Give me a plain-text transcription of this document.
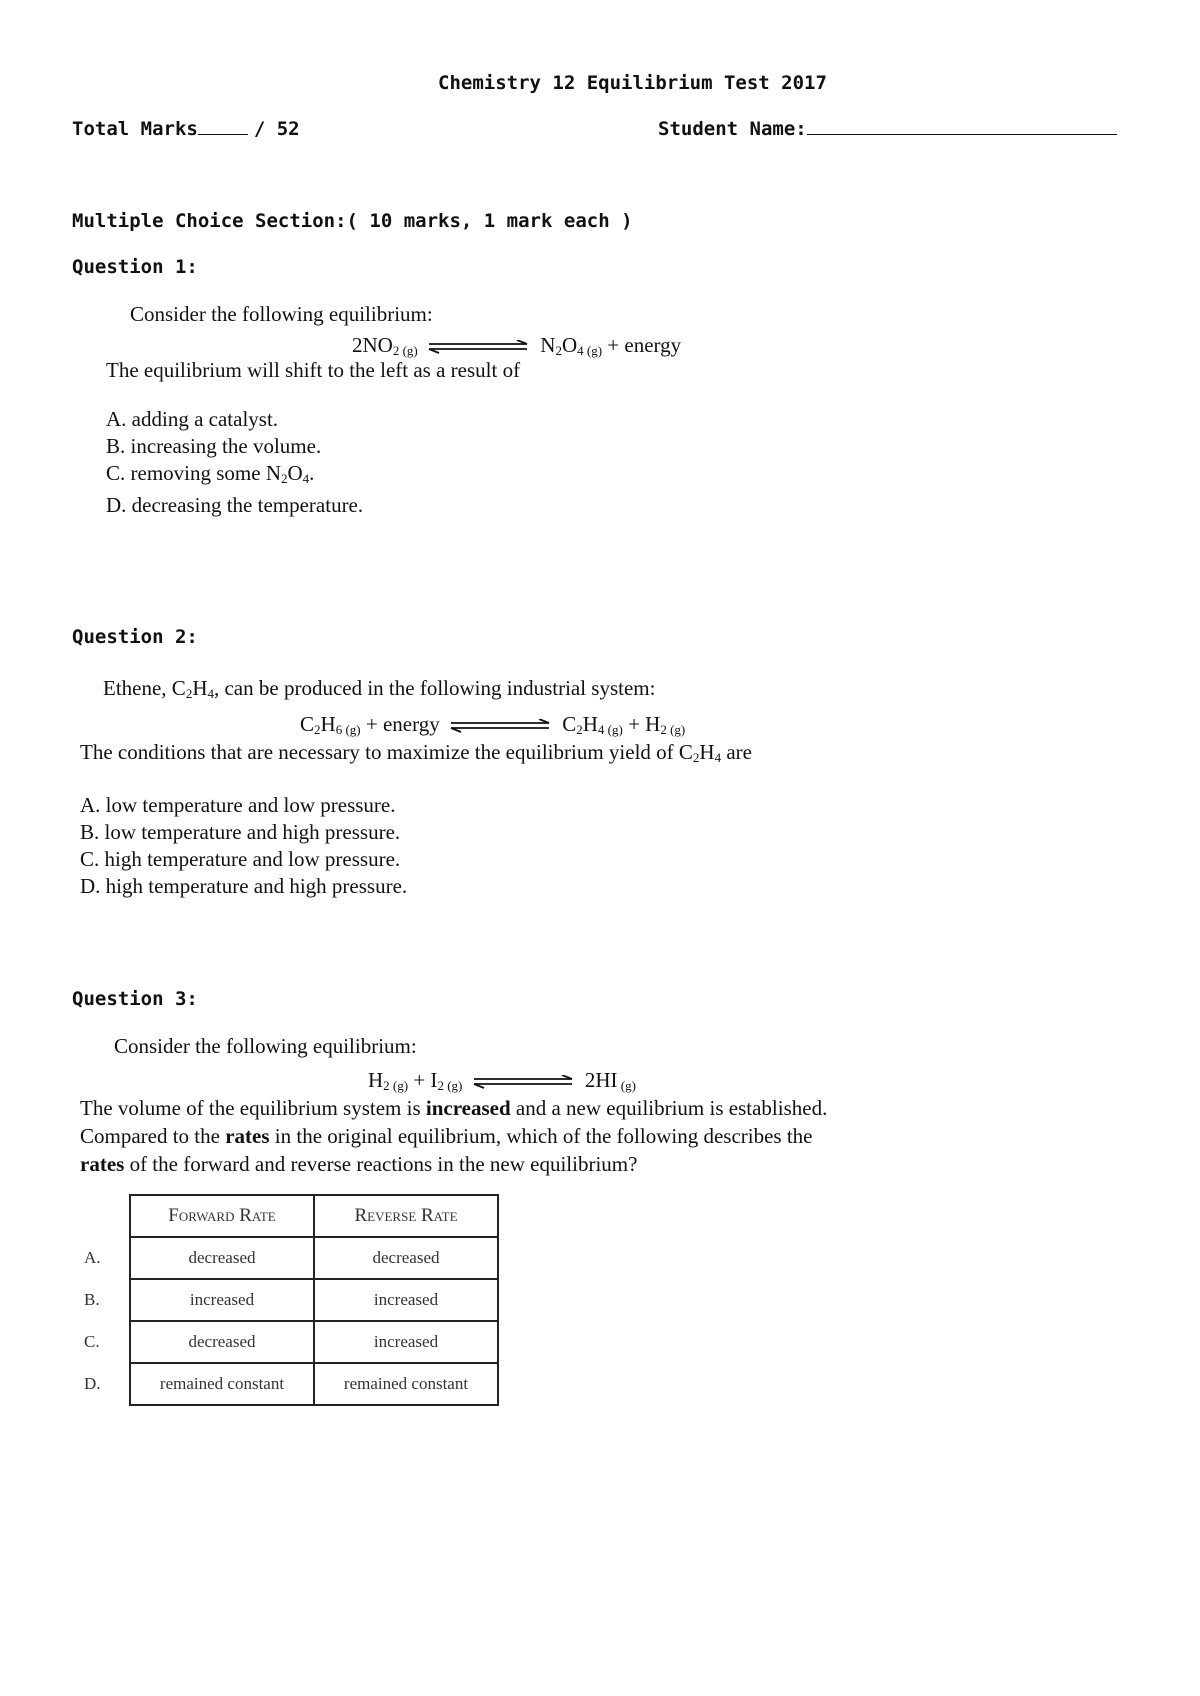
Chemistry 12 Equilibrium Test 2017
Total Marks	/ 52	Student Name:
Multiple Choice Section:( 10 marks, 1 mark each )
Question 1:
Consider the following equilibrium:
$2NO_2$ (g)	$N_2O_4$ (g) + energy
The equilibrium will shift to the left as a result of
A. adding a catalyst.
B. increasing the volume.
C. removing some $N_2O_4$.
D. decreasing the temperature.
Question 2:
Ethene, $C_2H_4$, can be produced in the following industrial system:
$C_2H_6$ (g) + energy	$C_2H_4$ $(g) + H_2$ (g)
The conditions that are necessary to maximize the equilibrium yield of $C_2H_4$ are
A. low temperature and low pressure.
B. low temperature and high pressure.
C. high temperature and low pressure.
D. high temperature and high pressure.
Question 3:
Consider the following equilibrium:
$H_2$ $(g) + I_2$ (g)	2HI (g)
The volume of the equilibrium system is increased and a new equilibrium is established.
Compared to the rates in the original equilibrium, which of the following describes the
rates of the forward and reverse reactions in the new equilibrium?
	Forward Rate	Reverse Rate
A.	decreased	decreased
B.	increased	increased
C.	decreased	increased
D.	remained constant	remained constant
